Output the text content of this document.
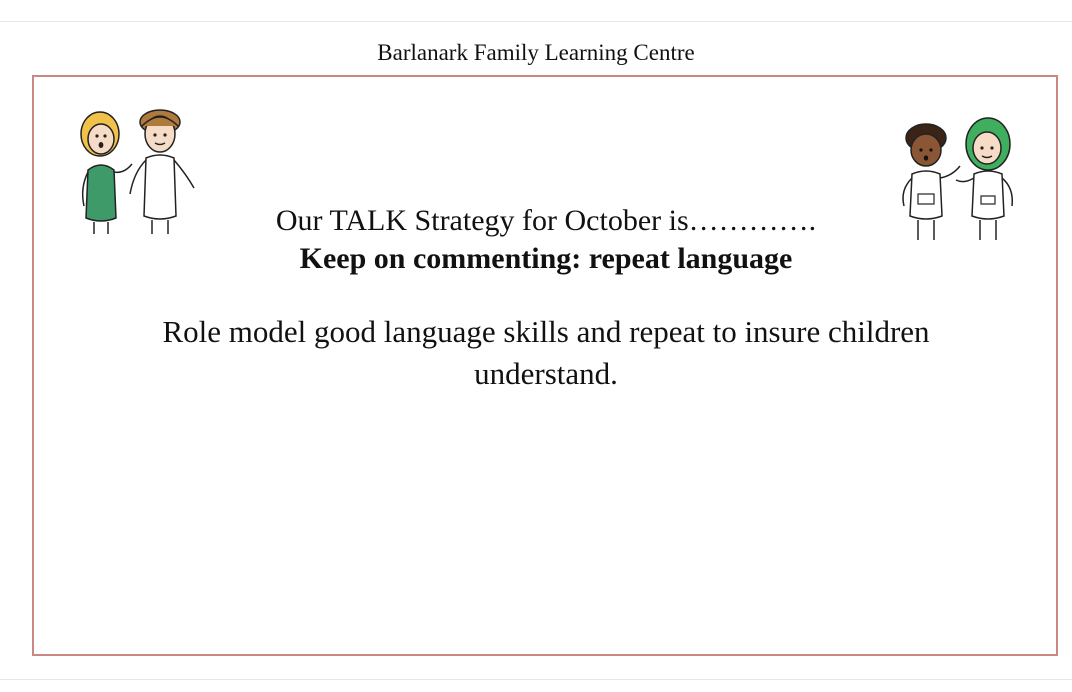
Barlanark Family Learning Centre
Our TALK Strategy for October is………….
Keep on commenting: repeat language
Role model good language skills and repeat to insure children understand.
